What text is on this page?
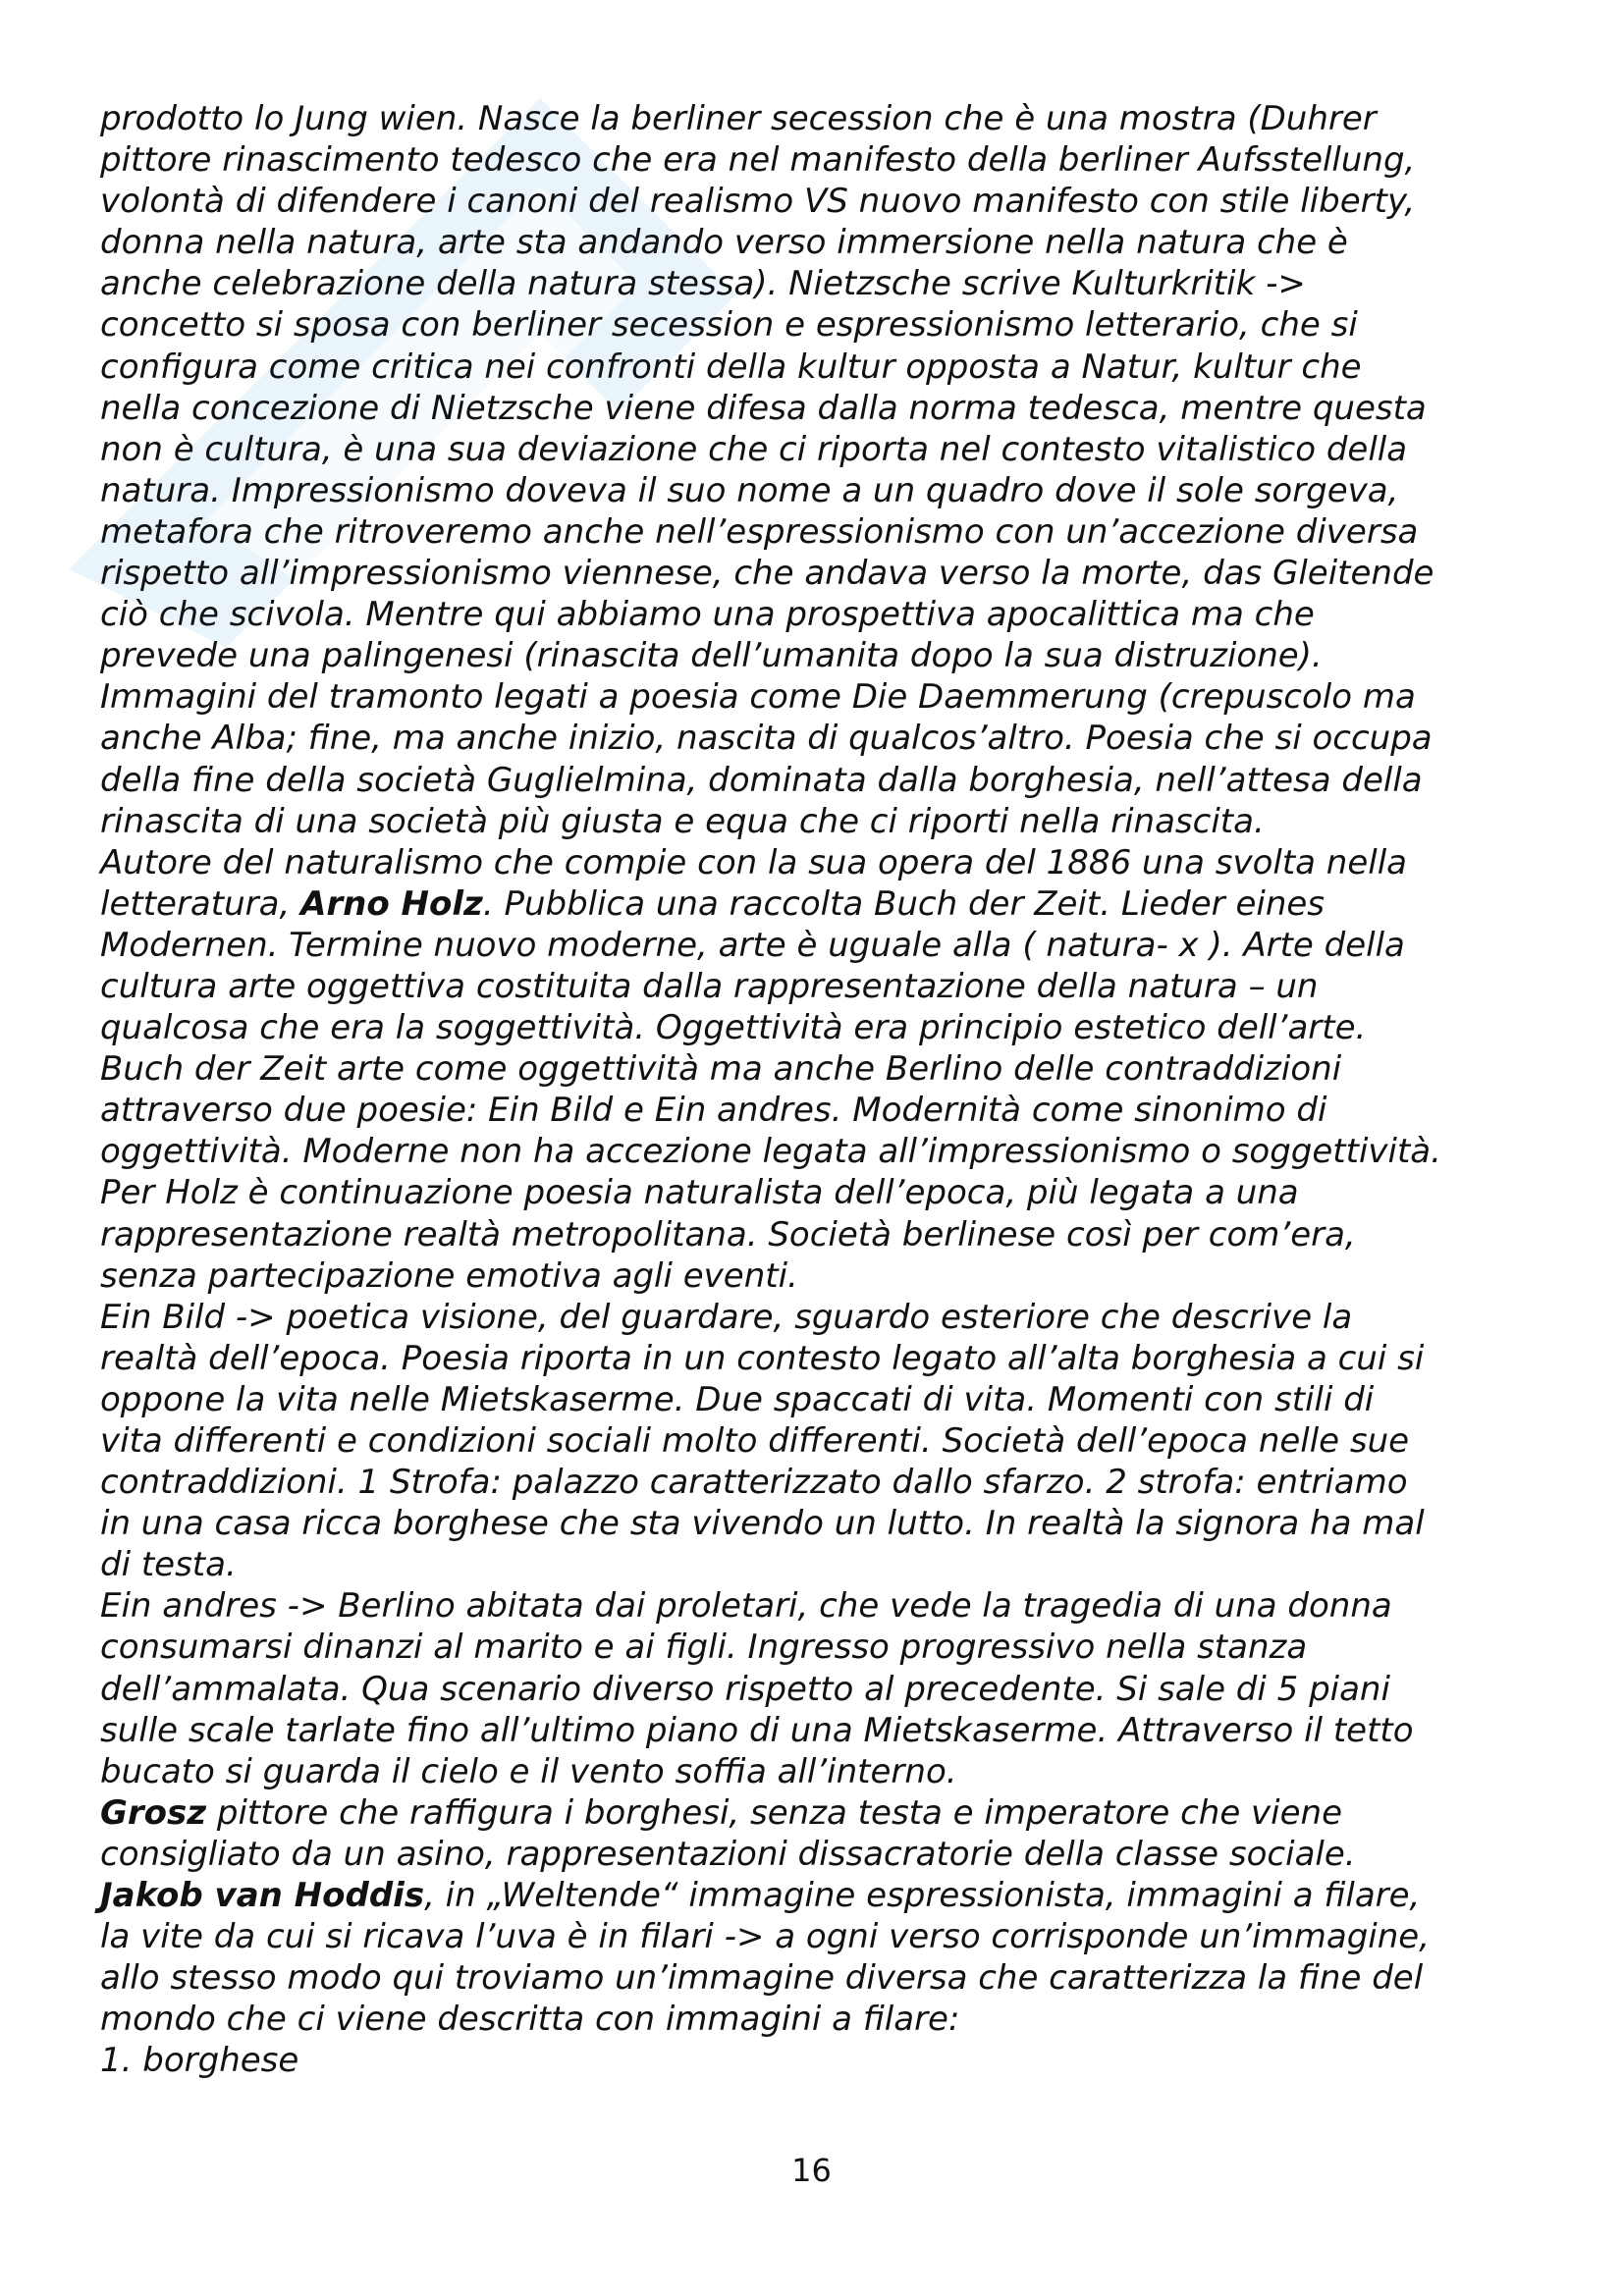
prodotto lo Jung wien. Nasce la berliner secession che è una mostra (Duhrer
pittore rinascimento tedesco che era nel manifesto della berliner Aufsstellung,
volontà di difendere i canoni del realismo VS nuovo manifesto con stile liberty,
donna nella natura, arte sta andando verso immersione nella natura che è
anche celebrazione della natura stessa). Nietzsche scrive Kulturkritik ->
concetto si sposa con berliner secession e espressionismo letterario, che si
configura come critica nei confronti della kultur opposta a Natur, kultur che
nella concezione di Nietzsche viene difesa dalla norma tedesca, mentre questa
non è cultura, è una sua deviazione che ci riporta nel contesto vitalistico della
natura. Impressionismo doveva il suo nome a un quadro dove il sole sorgeva,
metafora che ritroveremo anche nell’espressionismo con un’accezione diversa
rispetto all’impressionismo viennese, che andava verso la morte, das Gleitende
ciò che scivola. Mentre qui abbiamo una prospettiva apocalittica ma che
prevede una palingenesi (rinascita dell’umanita dopo la sua distruzione).
Immagini del tramonto legati a poesia come Die Daemmerung (crepuscolo ma
anche Alba; fine, ma anche inizio, nascita di qualcos’altro. Poesia che si occupa
della fine della società Guglielmina, dominata dalla borghesia, nell’attesa della
rinascita di una società più giusta e equa che ci riporti nella rinascita.

Autore del naturalismo che compie con la sua opera del 1886 una svolta nella
letteratura, Arno Holz. Pubblica una raccolta Buch der Zeit. Lieder eines
Modernen. Termine nuovo moderne, arte è uguale alla ( natura- x ). Arte della
cultura arte oggettiva costituita dalla rappresentazione della natura – un
qualcosa che era la soggettività. Oggettività era principio estetico dell’arte.
Buch der Zeit arte come oggettività ma anche Berlino delle contraddizioni
attraverso due poesie: Ein Bild e Ein andres. Modernità come sinonimo di
oggettività. Moderne non ha accezione legata all’impressionismo o soggettività.
Per Holz è continuazione poesia naturalista dell’epoca, più legata a una
rappresentazione realtà metropolitana. Società berlinese così per com’era,
senza partecipazione emotiva agli eventi.

Ein Bild -> poetica visione, del guardare, sguardo esteriore che descrive la
realtà dell’epoca. Poesia riporta in un contesto legato all’alta borghesia a cui si
oppone la vita nelle Mietskaserme. Due spaccati di vita. Momenti con stili di
vita differenti e condizioni sociali molto differenti. Società dell’epoca nelle sue
contraddizioni. 1 Strofa: palazzo caratterizzato dallo sfarzo. 2 strofa: entriamo
in una casa ricca borghese che sta vivendo un lutto. In realtà la signora ha mal
di testa.

Ein andres -> Berlino abitata dai proletari, che vede la tragedia di una donna
consumarsi dinanzi al marito e ai figli. Ingresso progressivo nella stanza
dell’ammalata. Qua scenario diverso rispetto al precedente. Si sale di 5 piani
sulle scale tarlate fino all’ultimo piano di una Mietskaserme. Attraverso il tetto
bucato si guarda il cielo e il vento soffia all’interno.

Grosz pittore che raffigura i borghesi, senza testa e imperatore che viene
consigliato da un asino, rappresentazioni dissacratorie della classe sociale.

Jakob van Hoddis, in „Weltende“ immagine espressionista, immagini a filare,
la vite da cui si ricava l’uva è in filari -> a ogni verso corrisponde un’immagine,
allo stesso modo qui troviamo un’immagine diversa che caratterizza la fine del
mondo che ci viene descritta con immagini a filare:

1. borghese

16
